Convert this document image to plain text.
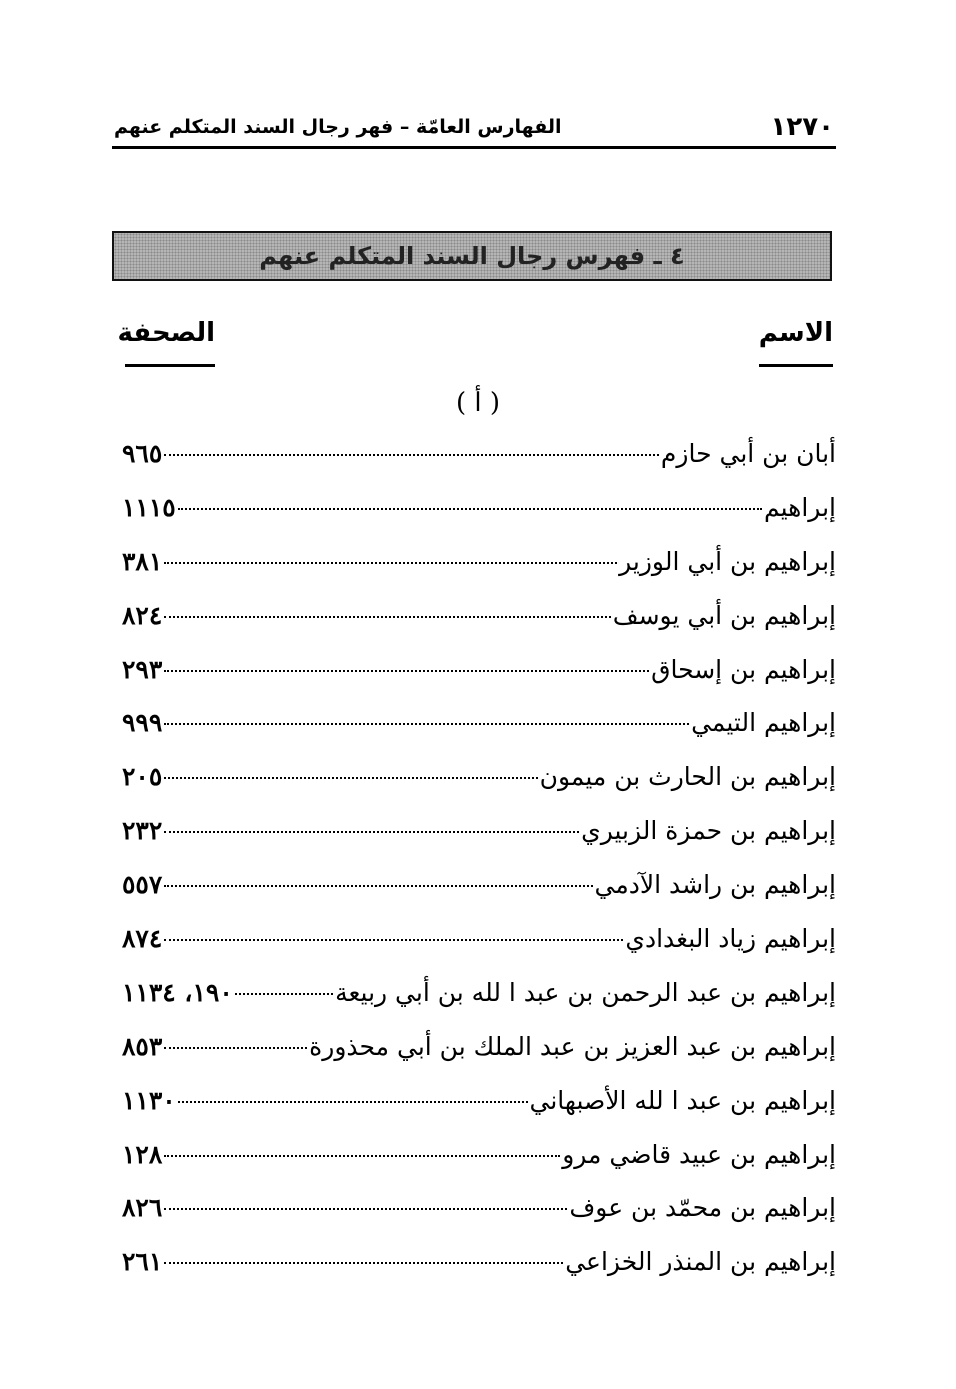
١٢٧٠
الفهارس العامّة – فهر رجال السند المتكلم عنهم
٤ ـ فهرس رجال السند المتكلم عنهم
الاسم
الصحفة
( أ )
أبان بن أبي حازم
٩٦٥
إبراهيم
١١١٥
إبراهيم بن أبي الوزير
٣٨١
إبراهيم بن أبي يوسف
٨٢٤
إبراهيم بن إسحاق
٢٩٣
إبراهيم التيمي
٩٩٩
إبراهيم بن الحارث بن ميمون
٢٠٥
إبراهيم بن حمزة الزبيري
٢٣٢
إبراهيم بن راشد الآدمي
٥٥٧
إبراهيم زياد البغدادي
٨٧٤
إبراهيم بن عبد الرحمن بن عبد ا لله بن أبي ربيعة
١٩٠، ١١٣٤
إبراهيم بن عبد العزيز بن عبد الملك بن أبي محذورة
٨٥٣
إبراهيم بن عبد ا لله الأصبهاني
١١٣٠
إبراهيم بن عبيد قاضي مرو
١٢٨
إبراهيم بن محمّد بن عوف
٨٢٦
إبراهيم بن المنذر الخزاعي
٢٦١
